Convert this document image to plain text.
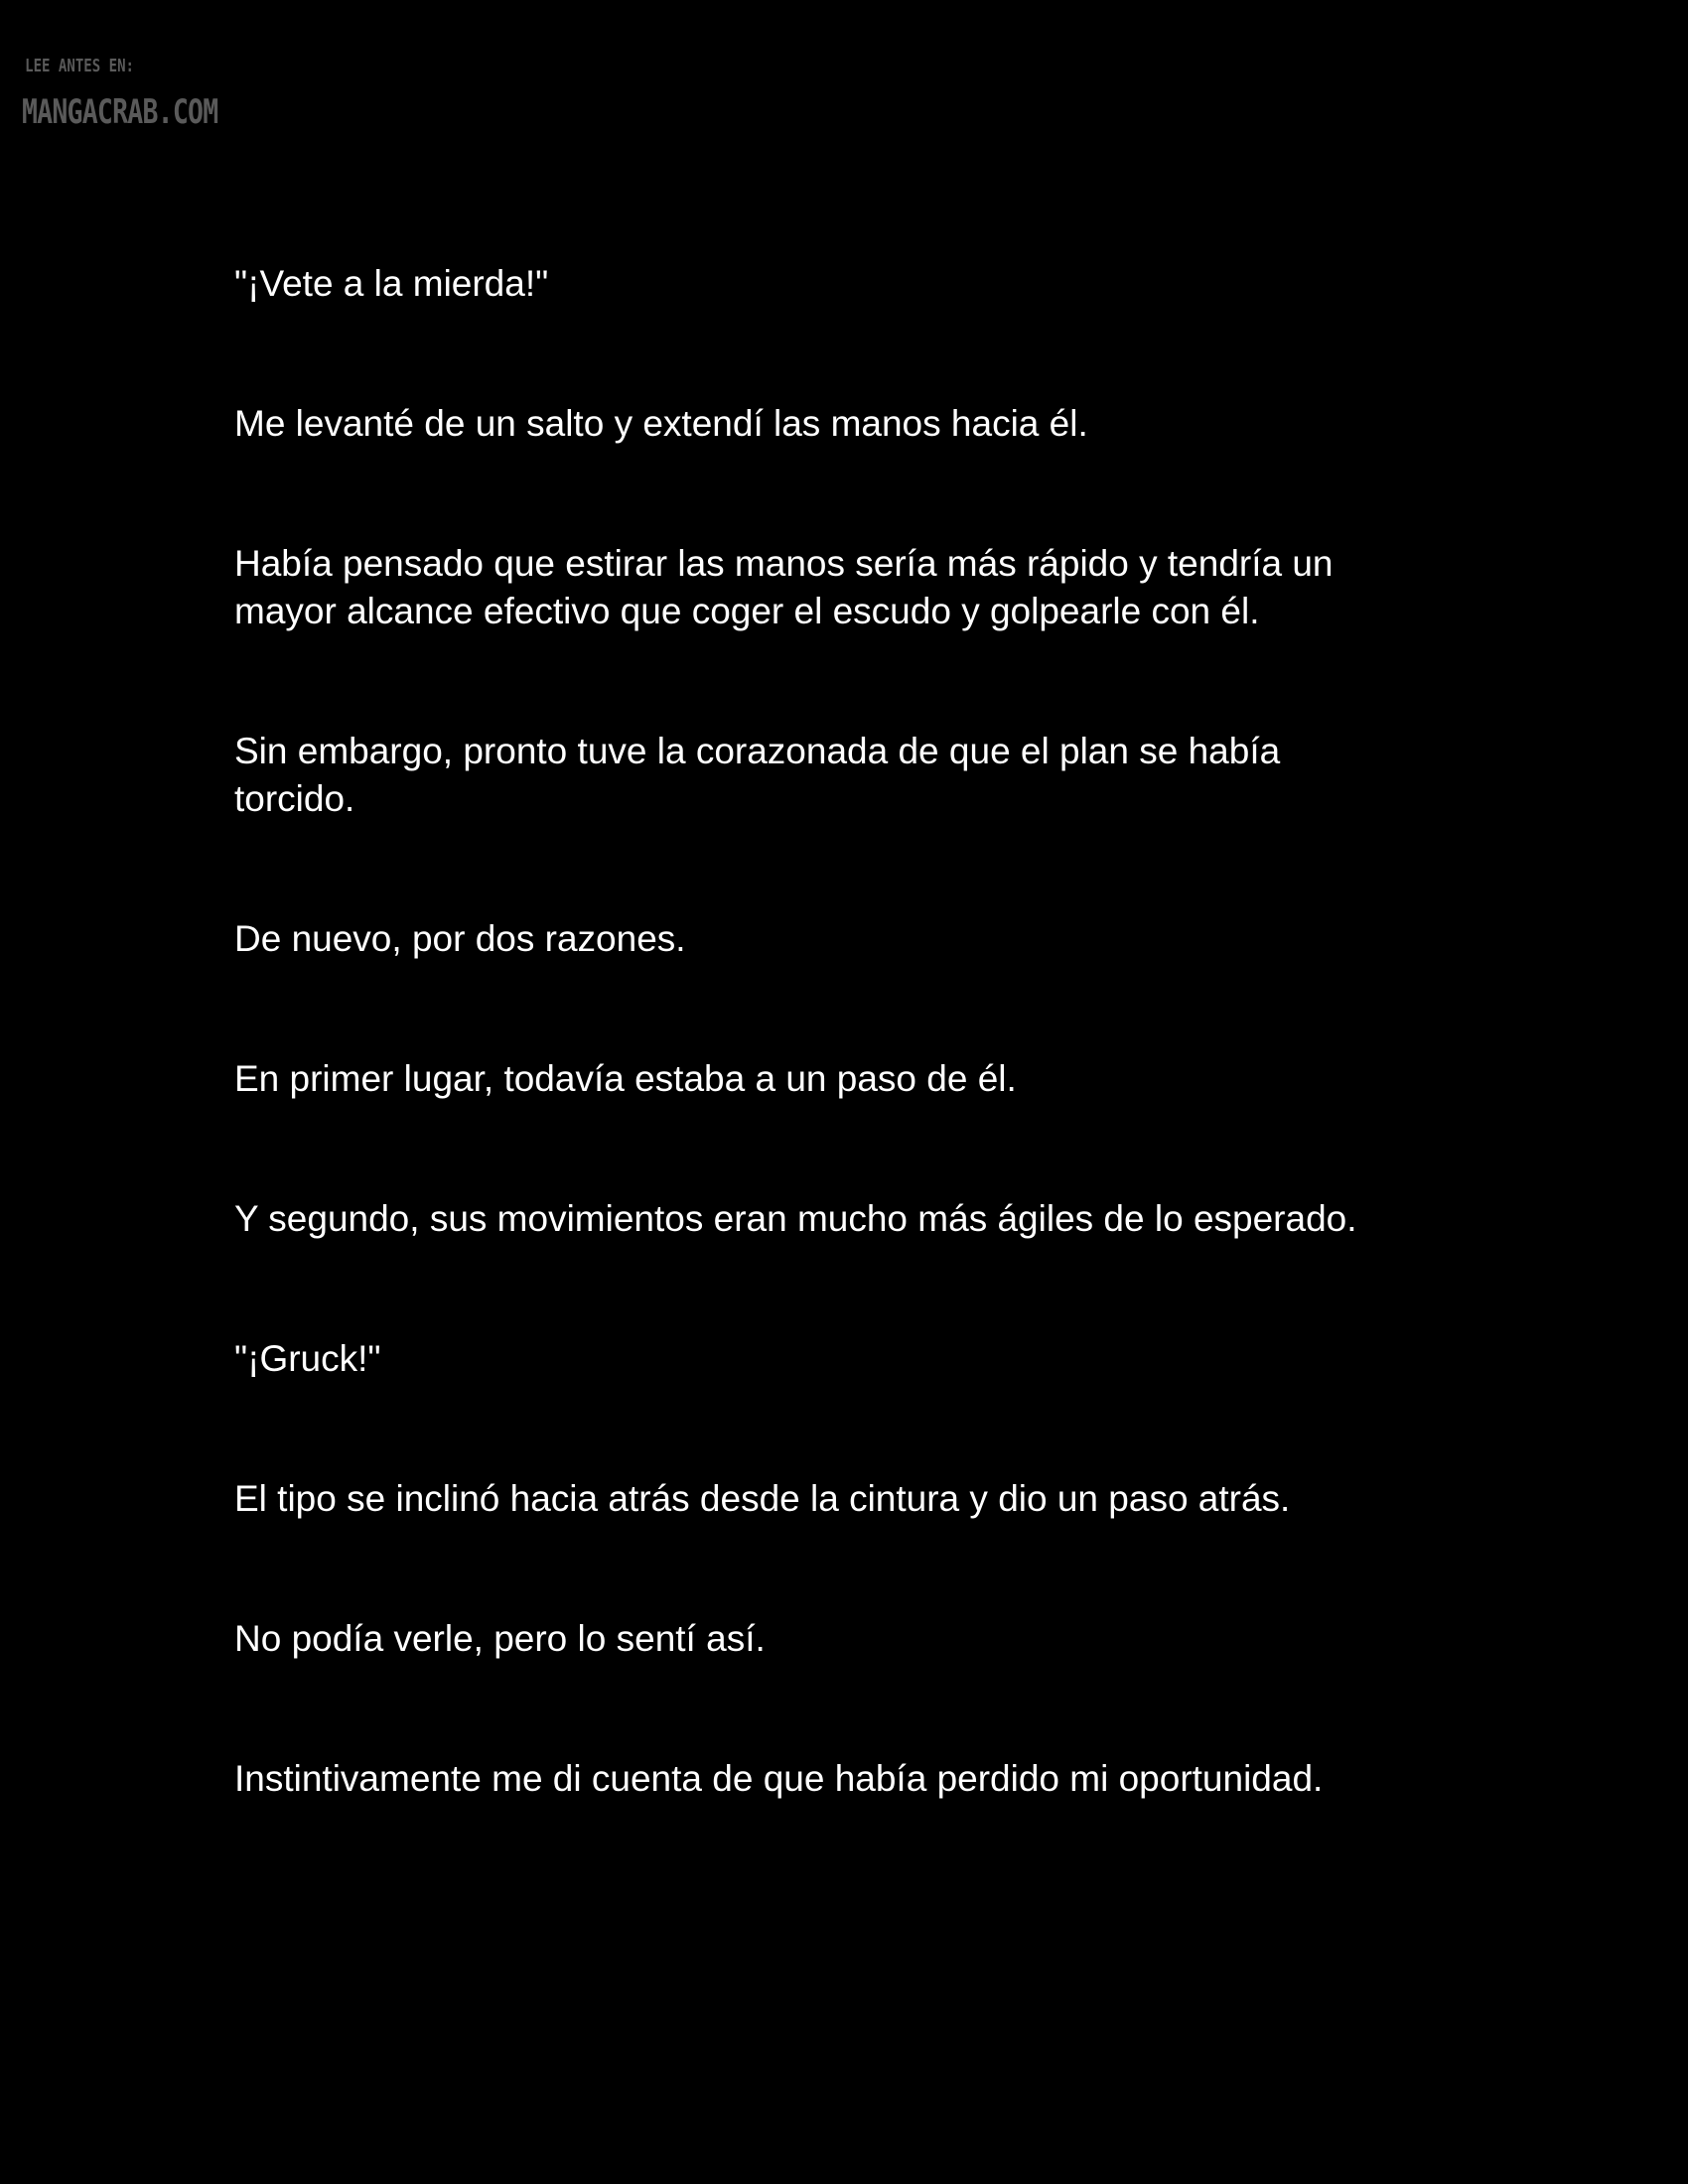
LEE ANTES EN:
MANGACRAB.COM

"¡Vete a la mierda!"

Me levanté de un salto y extendí las manos hacia él.

Había pensado que estirar las manos sería más rápido y tendría un mayor alcance efectivo que coger el escudo y golpearle con él.

Sin embargo, pronto tuve la corazonada de que el plan se había torcido.

De nuevo, por dos razones.

En primer lugar, todavía estaba a un paso de él.

Y segundo, sus movimientos eran mucho más ágiles de lo esperado.

"¡Gruck!"

El tipo se inclinó hacia atrás desde la cintura y dio un paso atrás.

No podía verle, pero lo sentí así.

Instintivamente me di cuenta de que había perdido mi oportunidad.
